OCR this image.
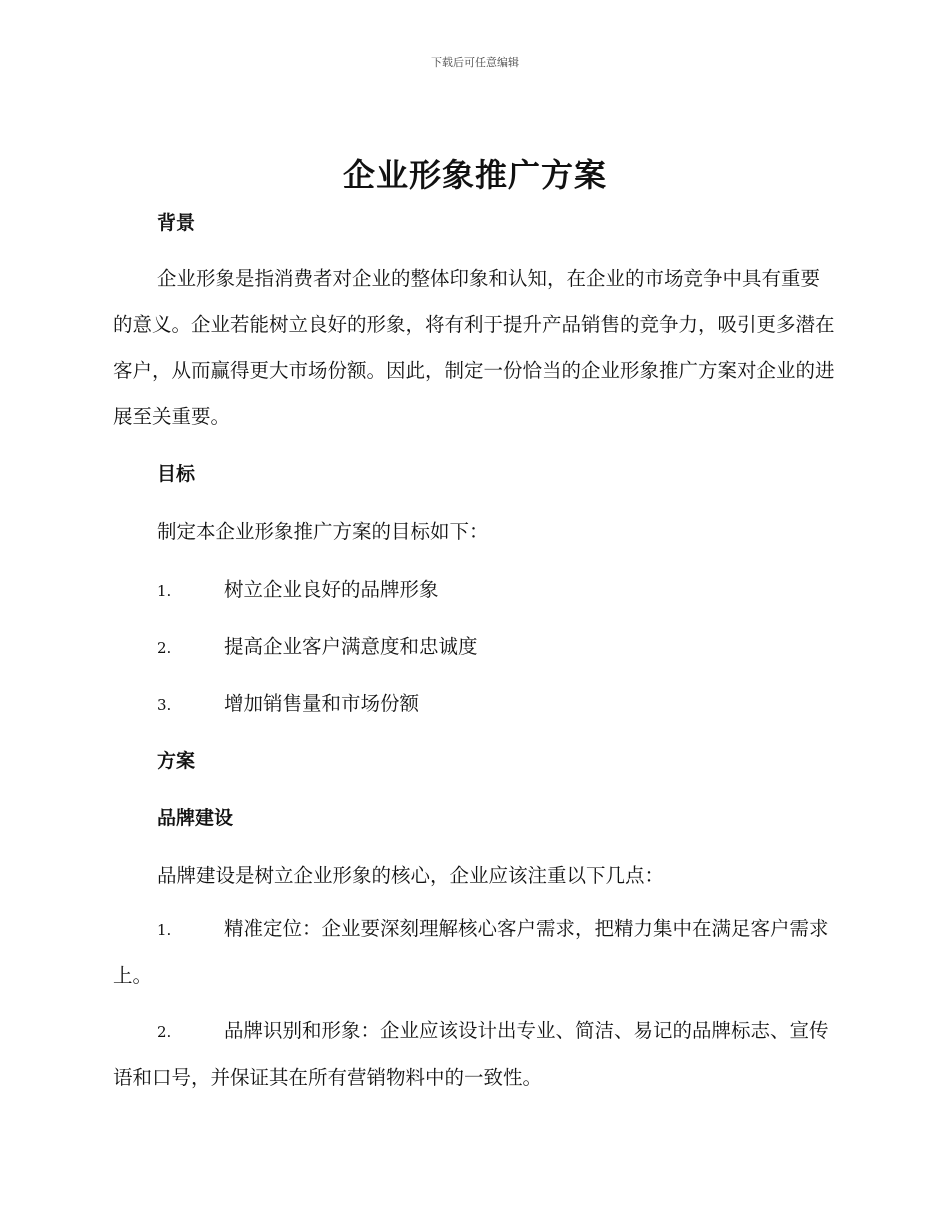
下载后可任意编辑
企业形象推广方案
背景

企业形象是指消费者对企业的整体印象和认知，在企业的市场竞争中具有重要的意义。企业若能树立良好的形象，将有利于提升产品销售的竞争力，吸引更多潜在客户，从而赢得更大市场份额。因此，制定一份恰当的企业形象推广方案对企业的进展至关重要。

目标

制定本企业形象推广方案的目标如下：

1.	树立企业良好的品牌形象
2.	提高企业客户满意度和忠诚度
3.	增加销售量和市场份额
方案
品牌建设

品牌建设是树立企业形象的核心，企业应该注重以下几点：

1.	精准定位：企业要深刻理解核心客户需求，把精力集中在满足客户需求上。

2.	品牌识别和形象：企业应该设计出专业、简洁、易记的品牌标志、宣传语和口号，并保证其在所有营销物料中的一致性。
